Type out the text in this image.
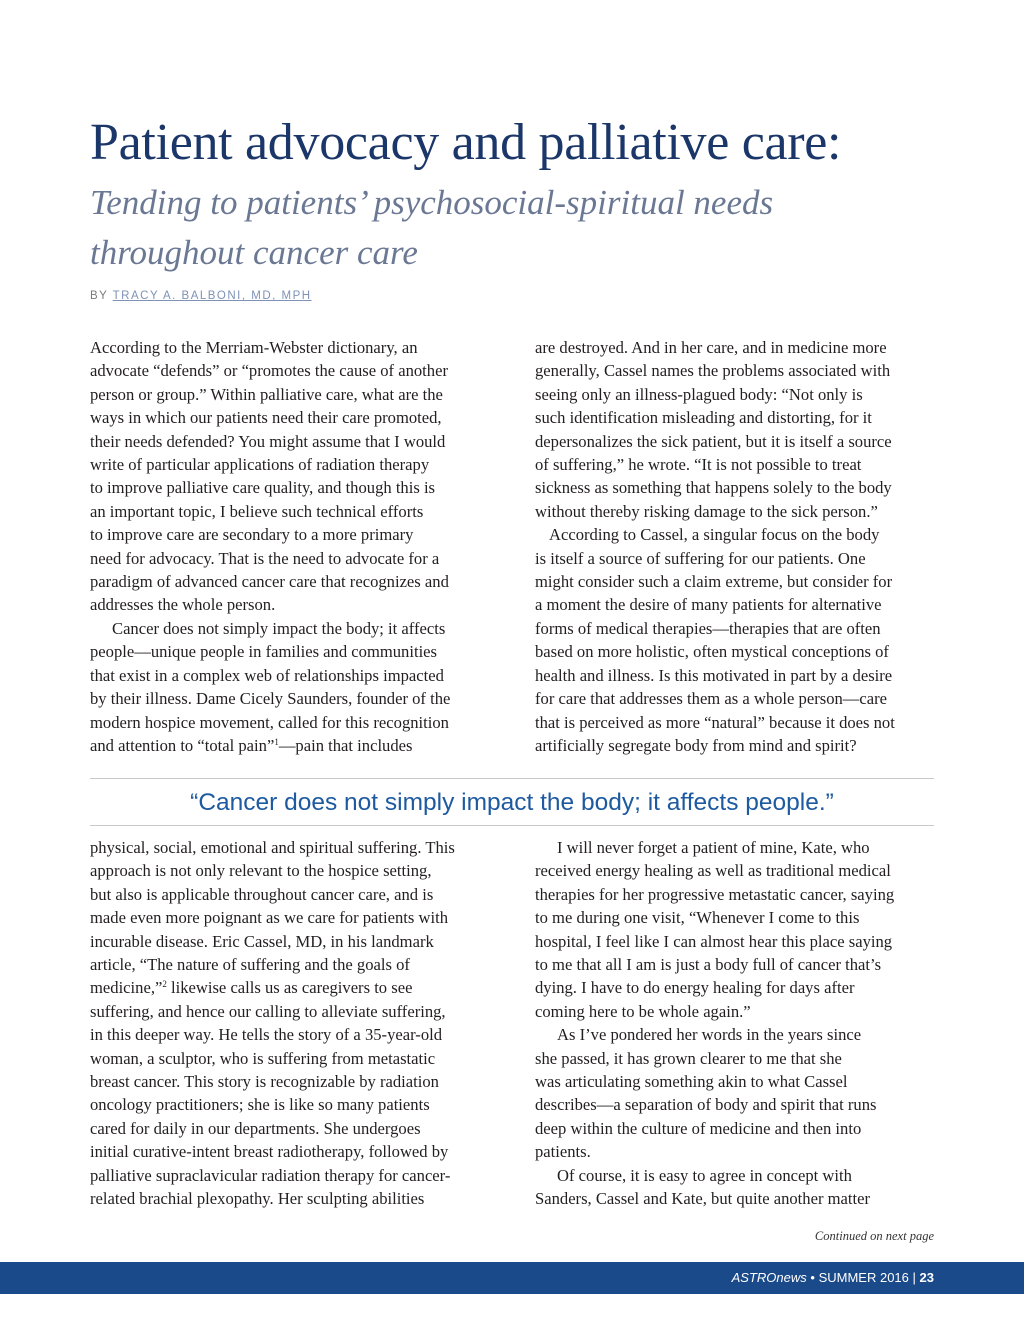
Patient advocacy and palliative care:
Tending to patients’ psychosocial-spiritual needs throughout cancer care

BY TRACY A. BALBONI, MD, MPH

According to the Merriam-Webster dictionary, an
advocate “defends” or “promotes the cause of another
person or group.” Within palliative care, what are the
ways in which our patients need their care promoted,
their needs defended? You might assume that I would
write of particular applications of radiation therapy
to improve palliative care quality, and though this is
an important topic, I believe such technical efforts
to improve care are secondary to a more primary
need for advocacy. That is the need to advocate for a
paradigm of advanced cancer care that recognizes and
addresses the whole person.

Cancer does not simply impact the body; it affects
people—unique people in families and communities
that exist in a complex web of relationships impacted
by their illness. Dame Cicely Saunders, founder of the
modern hospice movement, called for this recognition
and attention to “total pain”$^1$—pain that includes

are destroyed. And in her care, and in medicine more
generally, Cassel names the problems associated with
seeing only an illness-plagued body: “Not only is
such identification misleading and distorting, for it
depersonalizes the sick patient, but it is itself a source
of suffering,” he wrote. “It is not possible to treat
sickness as something that happens solely to the body
without thereby risking damage to the sick person.”

According to Cassel, a singular focus on the body
is itself a source of suffering for our patients. One
might consider such a claim extreme, but consider for
a moment the desire of many patients for alternative
forms of medical therapies—therapies that are often
based on more holistic, often mystical conceptions of
health and illness. Is this motivated in part by a desire
for care that addresses them as a whole person—care
that is perceived as more “natural” because it does not
artificially segregate body from mind and spirit?

“Cancer does not simply impact the body; it affects people.”

physical, social, emotional and spiritual suffering. This
approach is not only relevant to the hospice setting,
but also is applicable throughout cancer care, and is
made even more poignant as we care for patients with
incurable disease. Eric Cassel, MD, in his landmark
article, “The nature of suffering and the goals of
medicine,”$^2$ likewise calls us as caregivers to see
suffering, and hence our calling to alleviate suffering,
in this deeper way. He tells the story of a 35-year-old
woman, a sculptor, who is suffering from metastatic
breast cancer. This story is recognizable by radiation
oncology practitioners; she is like so many patients
cared for daily in our departments. She undergoes
initial curative-intent breast radiotherapy, followed by
palliative supraclavicular radiation therapy for cancer-
related brachial plexopathy. Her sculpting abilities

I will never forget a patient of mine, Kate, who
received energy healing as well as traditional medical
therapies for her progressive metastatic cancer, saying
to me during one visit, “Whenever I come to this
hospital, I feel like I can almost hear this place saying
to me that all I am is just a body full of cancer that’s
dying. I have to do energy healing for days after
coming here to be whole again.”

As I’ve pondered her words in the years since
she passed, it has grown clearer to me that she
was articulating something akin to what Cassel
describes—a separation of body and spirit that runs
deep within the culture of medicine and then into
patients.

Of course, it is easy to agree in concept with
Sanders, Cassel and Kate, but quite another matter

Continued on next page

ASTROnews • SUMMER 2016 | 23
